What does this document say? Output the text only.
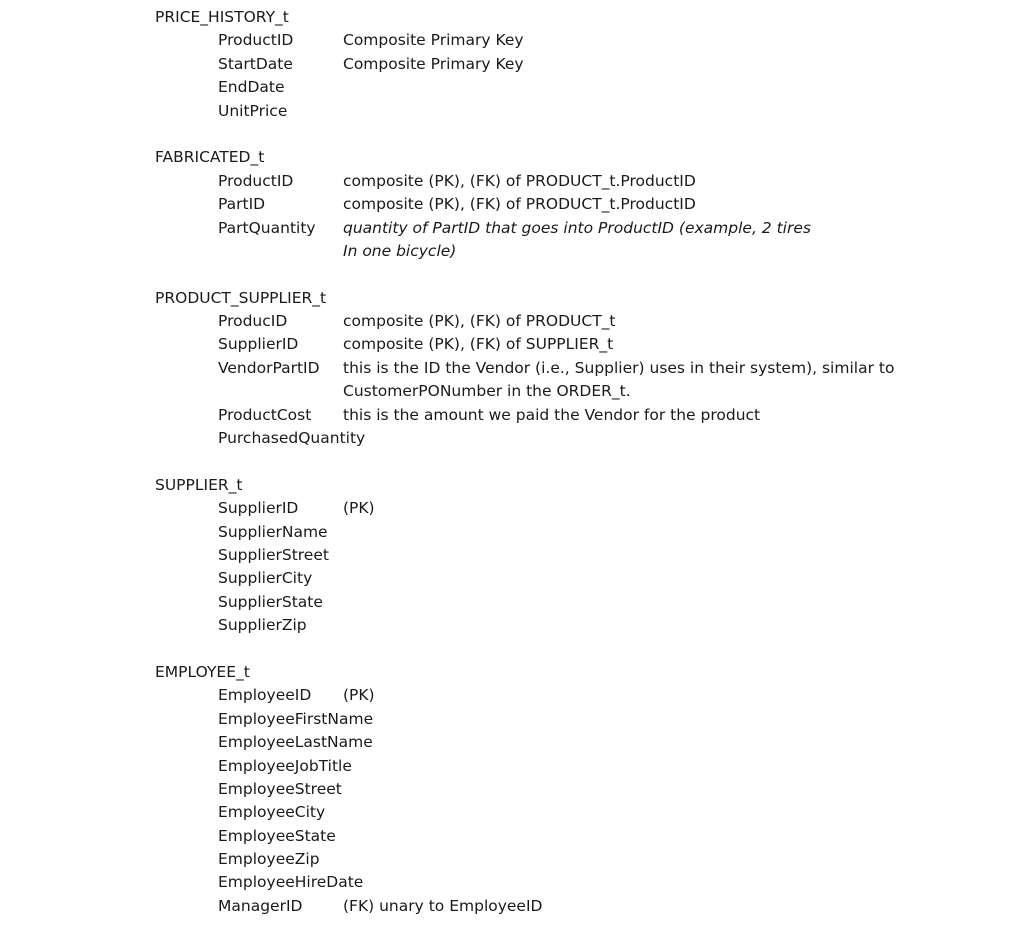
PRICE_HISTORY_t
ProductID	Composite Primary Key
StartDate	Composite Primary Key
EndDate
UnitPrice
FABRICATED_t
ProductID	composite (PK), (FK) of PRODUCT_t.ProductID
PartID	composite (PK), (FK) of PRODUCT_t.ProductID
PartQuantity	quantity of PartID that goes into ProductID (example, 2 tires
In one bicycle)
PRODUCT_SUPPLIER_t
ProducID	composite (PK), (FK) of PRODUCT_t
SupplierID	composite (PK), (FK) of SUPPLIER_t
VendorPartID	this is the ID the Vendor (i.e., Supplier) uses in their system), similar to
CustomerPONumber in the ORDER_t.
ProductCost	this is the amount we paid the Vendor for the product
PurchasedQuantity
SUPPLIER_t
SupplierID	(PK)
SupplierName
SupplierStreet
SupplierCity
SupplierState
SupplierZip
EMPLOYEE_t
EmployeeID	(PK)
EmployeeFirstName
EmployeeLastName
EmployeeJobTitle
EmployeeStreet
EmployeeCity
EmployeeState
EmployeeZip
EmployeeHireDate
ManagerID	(FK) unary to EmployeeID
